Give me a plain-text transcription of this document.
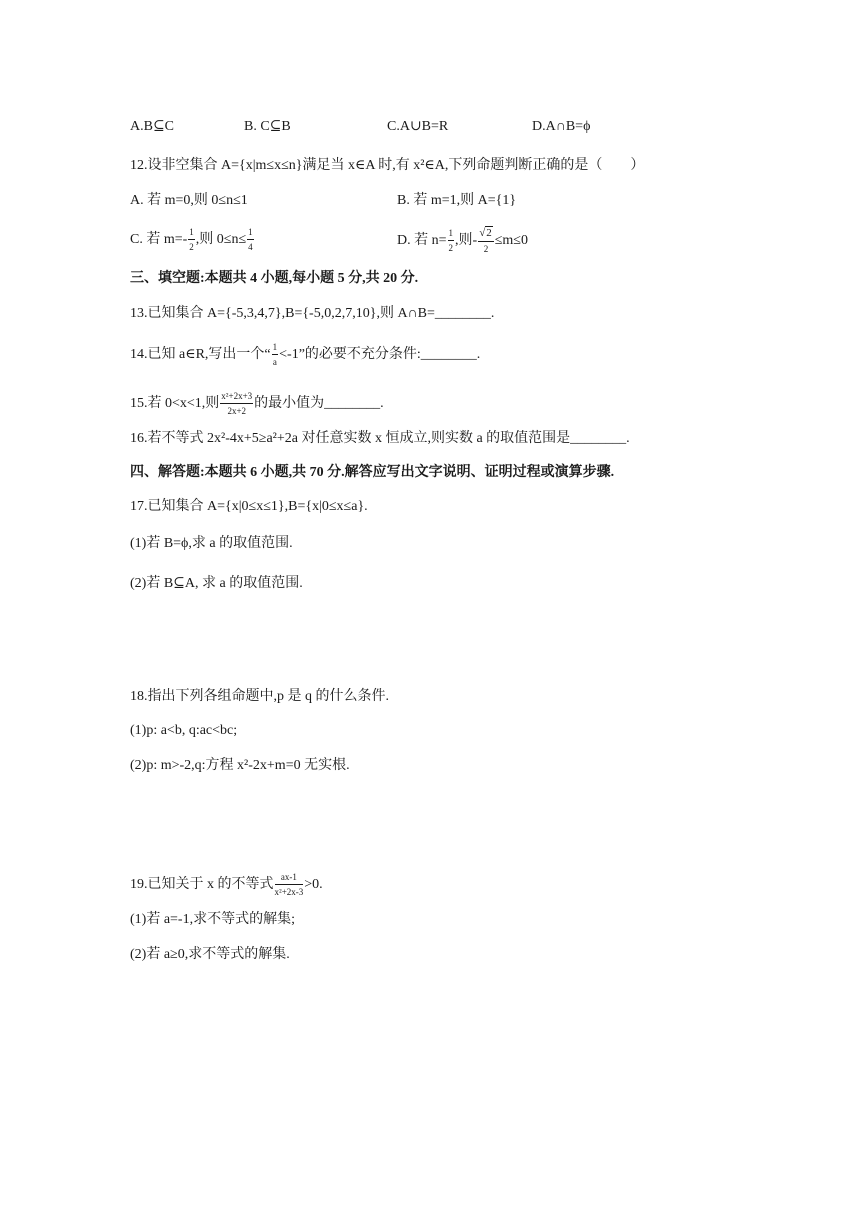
A.B⊆C	B. C⊆B	C.A∪B=R	D.A∩B=ϕ
12.设非空集合 A={x|m≤x≤n}满足当 x∈A 时,有 x²∈A,下列命题判断正确的是（　　）
A. 若 m=0,则 0≤n≤1	B. 若 m=1,则 A={1}
C. 若 $m=- \frac{1}{2}$ ,则 $0\le n\le \frac{1}{4}$	D. 若 $n= \frac{1}{2}$ ,则- $\frac{√2}{2} \le m\le 0$
三、填空题:本题共 4 小题,每小题 5 分,共 20 分.
13.已知集合 A={-5,3,4,7},B={-5,0,2,7,10},则 A∩B=________.
14.已知 a∈R,写出一个“ $\frac{1}{a} <-1$”的必要不充分条件:________.
15.若 0<x<1,则 $\frac{\text{x²+2x+3}}{2x+2}$ 的最小值为________.
16.若不等式 2x²-4x+5≥a²+2a 对任意实数 x 恒成立,则实数 a 的取值范围是________.
四、解答题:本题共 6 小题,共 70 分.解答应写出文字说明、证明过程或演算步骤.
17.已知集合 A={x|0≤x≤1},B={x|0≤x≤a}.
(1)若 B=ϕ,求 a 的取值范围.
(2)若 B⊆A, 求 a 的取值范围.
18.指出下列各组命题中,p 是 q 的什么条件.
(1)p: a<b, q:ac<bc;
(2)p: m>-2,q:方程 x²-2x+m=0 无实根.
19.已知关于 x 的不等式 $\frac{ax-1}{\text{x²+2x-3}} >0$.
(1)若 a=-1,求不等式的解集;
(2)若 a≥0,求不等式的解集.
